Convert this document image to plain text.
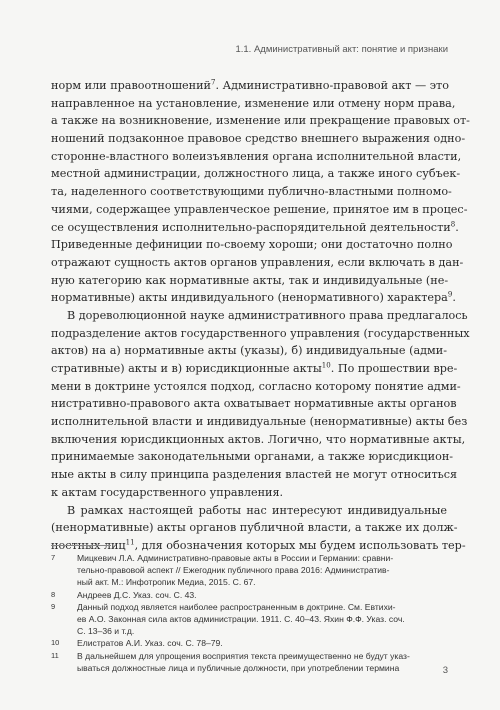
1.1. Административный акт: понятие и признаки
норм или правоотношений$^7$. Административно-правовой акт — это
направленное на установление, изменение или отмену норм права,
а также на возникновение, изменение или прекращение правовых от-
ношений подзаконное правовое средство внешнего выражения одно-
сторонне-властного волеизъявления органа исполнительной власти,
местной администрации, должностного лица, а также иного субъек-
та, наделенного соответствующими публично-властными полномо-
чиями, содержащее управленческое решение, принятое им в процес-
се осуществления исполнительно-распорядительной деятельности$^8$.
Приведенные дефиниции по-своему хороши; они достаточно полно
отражают сущность актов органов управления, если включать в дан-
ную категорию как нормативные акты, так и индивидуальные (не-
нормативные) акты индивидуального (ненормативного) характера$^9$.
В дореволюционной науке административного права предлагалось
подразделение актов государственного управления (государственных
актов) на а) нормативные акты (указы), б) индивидуальные (адми-
стративные) акты и в) юрисдикционные акты$^{10}$. По прошествии вре-
мени в доктрине устоялся подход, согласно которому понятие адми-
нистративно-правового акта охватывает нормативные акты органов
исполнительной власти и индивидуальные (ненормативные) акты без
включения юрисдикционных актов. Логично, что нормативные акты,
принимаемые законодательными органами, а также юрисдикцион-
ные акты в силу принципа разделения властей не могут относиться
к актам государственного управления.
В рамках настоящей работы нас интересуют индивидуальные
(ненормативные) акты органов публичной власти, а также их долж-
ностных лиц$^{11}$, для обозначения которых мы будем использовать тер-
7	Мицкевич Л.А. Административно-правовые акты в России и Германии: сравни-
тельно-правовой аспект // Ежегодник публичного права 2016: Административ-
ный акт. М.: Инфотропик Медиа, 2015. С. 67.
8	Андреев Д.С. Указ. соч. С. 43.
9	Данный подход является наиболее распространенным в доктрине. См. Евтихи-
ев А.О. Законная сила актов администрации. 1911. С. 40–43. Яхин Ф.Ф. Указ. соч.
С. 13–36 и т.д.
10	Елистратов А.И. Указ. соч. С. 78–79.
11	В дальнейшем для упрощения восприятия текста преимущественно не будут указ-
ываться должностные лица и публичные должности, при употреблении термина	3
